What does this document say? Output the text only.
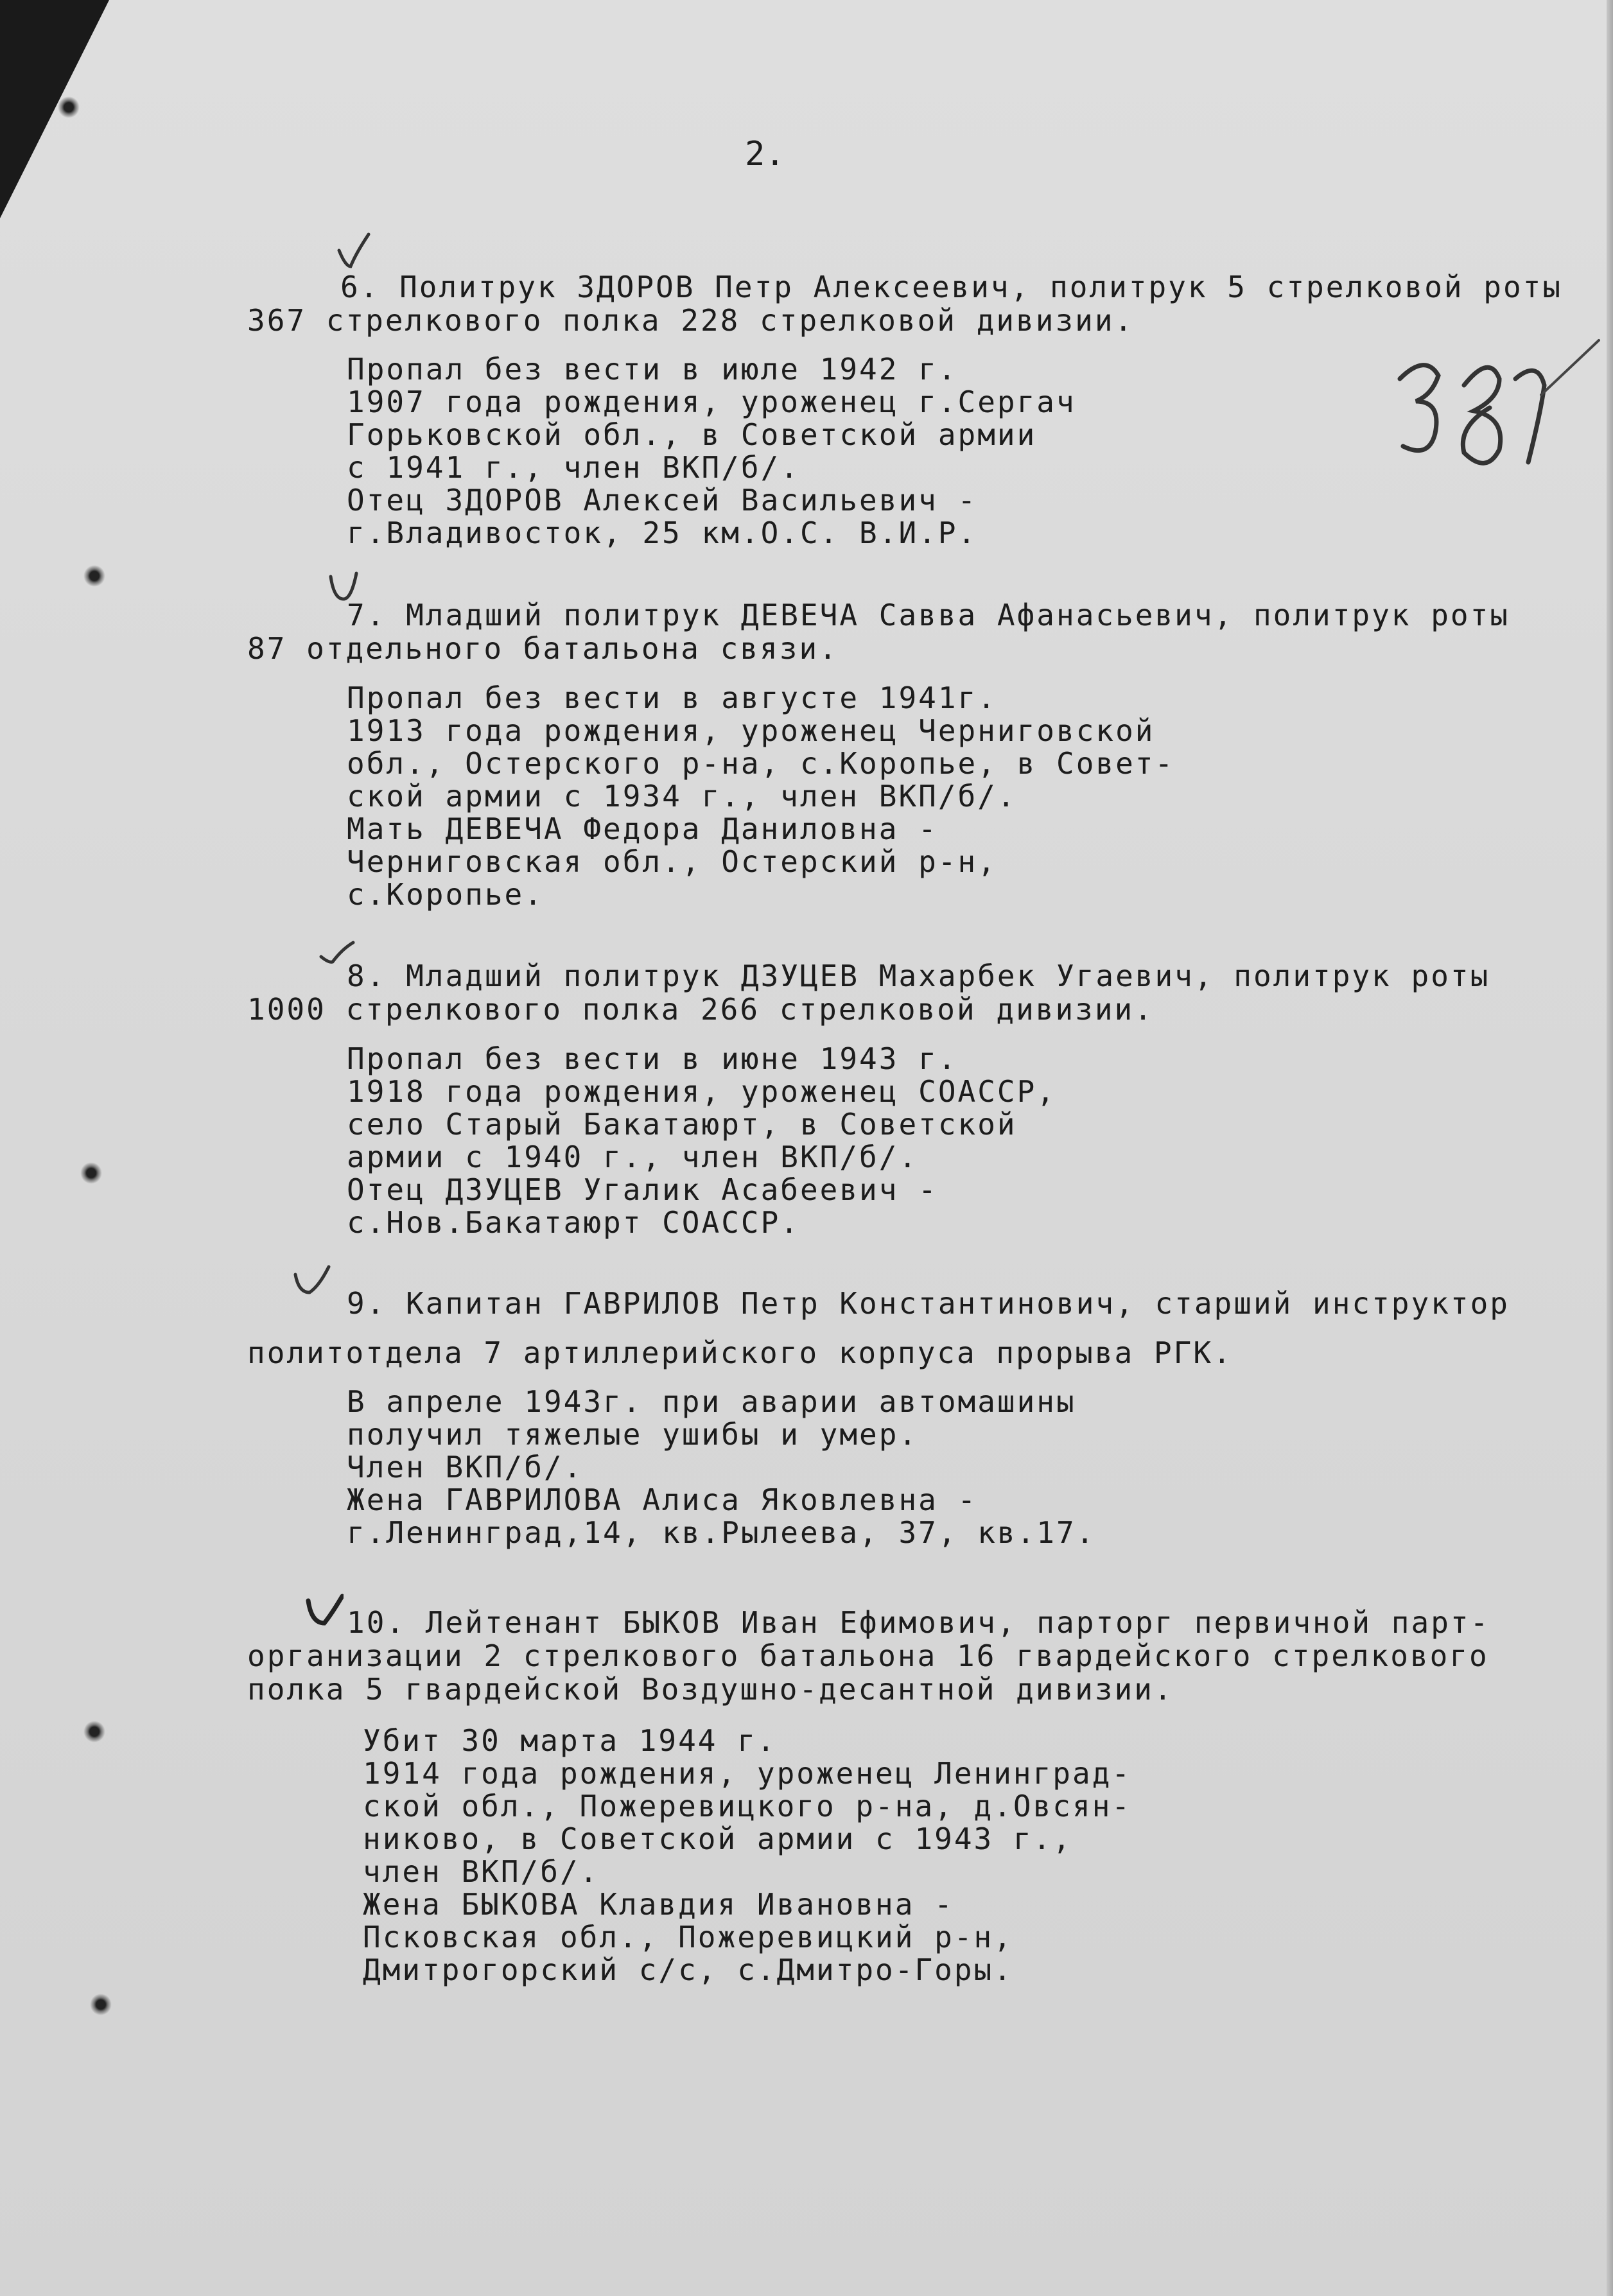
2.
6. Политрук ЗДОРОВ Петр Алексеевич, политрук 5 стрелковой роты
367 стрелкового полка 228 стрелковой дивизии.
Пропал без вести в июле 1942 г.
1907 года рождения, уроженец г.Сергач
Горьковской обл., в Советской армии
с 1941 г., член ВКП/б/.
Отец ЗДОРОВ Алексей Васильевич -
г.Владивосток, 25 км.О.С. В.И.Р.
7. Младший политрук ДЕВЕЧА Савва Афанасьевич, политрук роты
87 отдельного батальона связи.
Пропал без вести в августе 1941г.
1913 года рождения, уроженец Черниговской
обл., Остерского р-на, с.Коропье, в Совет-
ской армии с 1934 г., член ВКП/б/.
Мать ДЕВЕЧА Федора Даниловна -
Черниговская обл., Остерский р-н,
с.Коропье.
8. Младший политрук ДЗУЦЕВ Махарбек Угаевич, политрук роты
1000 стрелкового полка 266 стрелковой дивизии.
Пропал без вести в июне 1943 г.
1918 года рождения, уроженец СОАССР,
село Старый Бакатаюрт, в Советской
армии с 1940 г., член ВКП/б/.
Отец ДЗУЦЕВ Угалик Асабеевич -
с.Нов.Бакатаюрт СОАССР.
9. Капитан ГАВРИЛОВ Петр Константинович, старший инструктор
политотдела 7 артиллерийского корпуса прорыва РГК.
В апреле 1943г. при аварии автомашины
получил тяжелые ушибы и умер.
Член ВКП/б/.
Жена ГАВРИЛОВА Алиса Яковлевна -
г.Ленинград,14, кв.Рылеева, 37, кв.17.
10. Лейтенант БЫКОВ Иван Ефимович, парторг первичной парт-
организации 2 стрелкового батальона 16 гвардейского стрелкового
полка 5 гвардейской Воздушно-десантной дивизии.
Убит 30 марта 1944 г.
1914 года рождения, уроженец Ленинград-
ской обл., Пожеревицкого р-на, д.Овсян-
никово, в Советской армии с 1943 г.,
член ВКП/б/.
Жена БЫКОВА Клавдия Ивановна -
Псковская обл., Пожеревицкий р-н,
Дмитрогорский с/с, с.Дмитро-Горы.
